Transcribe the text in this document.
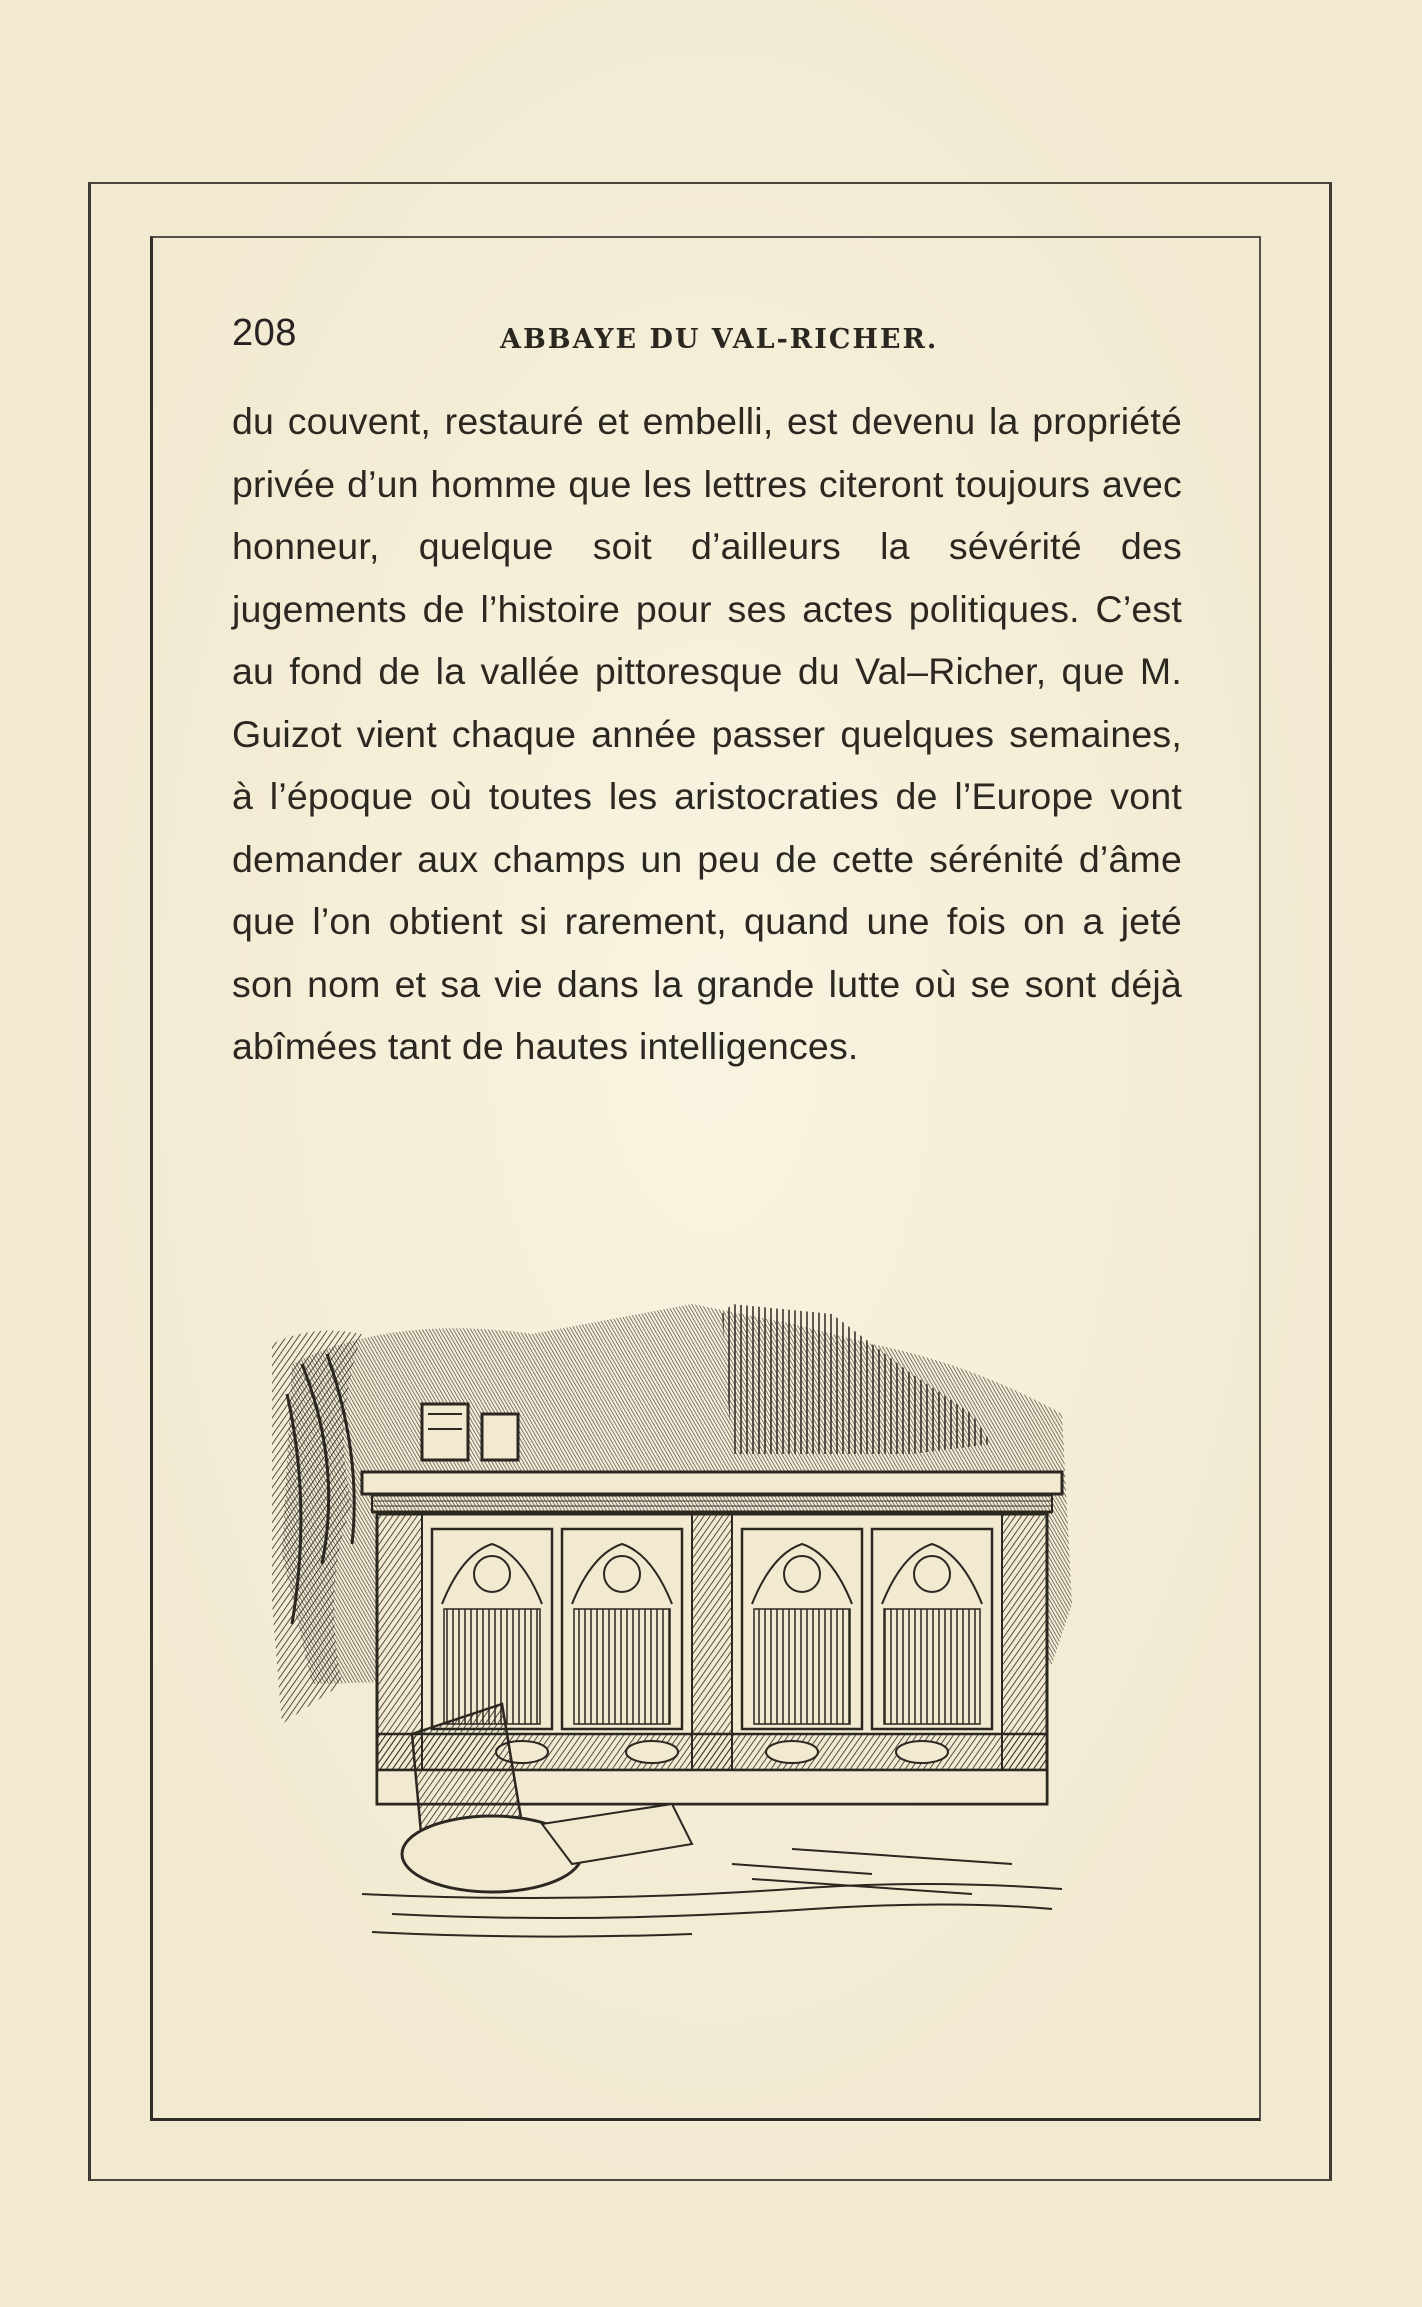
208	ABBAYE DU VAL-RICHER.

du couvent, restauré et embelli, est devenu la propriété privée d’un homme que les lettres citeront toujours avec honneur, quelque soit d’ailleurs la sévérité des jugements de l’histoire pour ses actes politiques. C’est au fond de la vallée pittoresque du Val–Richer, que M. Guizot vient chaque année passer quelques semaines, à l’époque où toutes les aristocraties de l’Europe vont demander aux champs un peu de cette sérénité d’âme que l’on obtient si rarement, quand une fois on a jeté son nom et sa vie dans la grande lutte où se sont déjà abîmées tant de hautes intelligences.
